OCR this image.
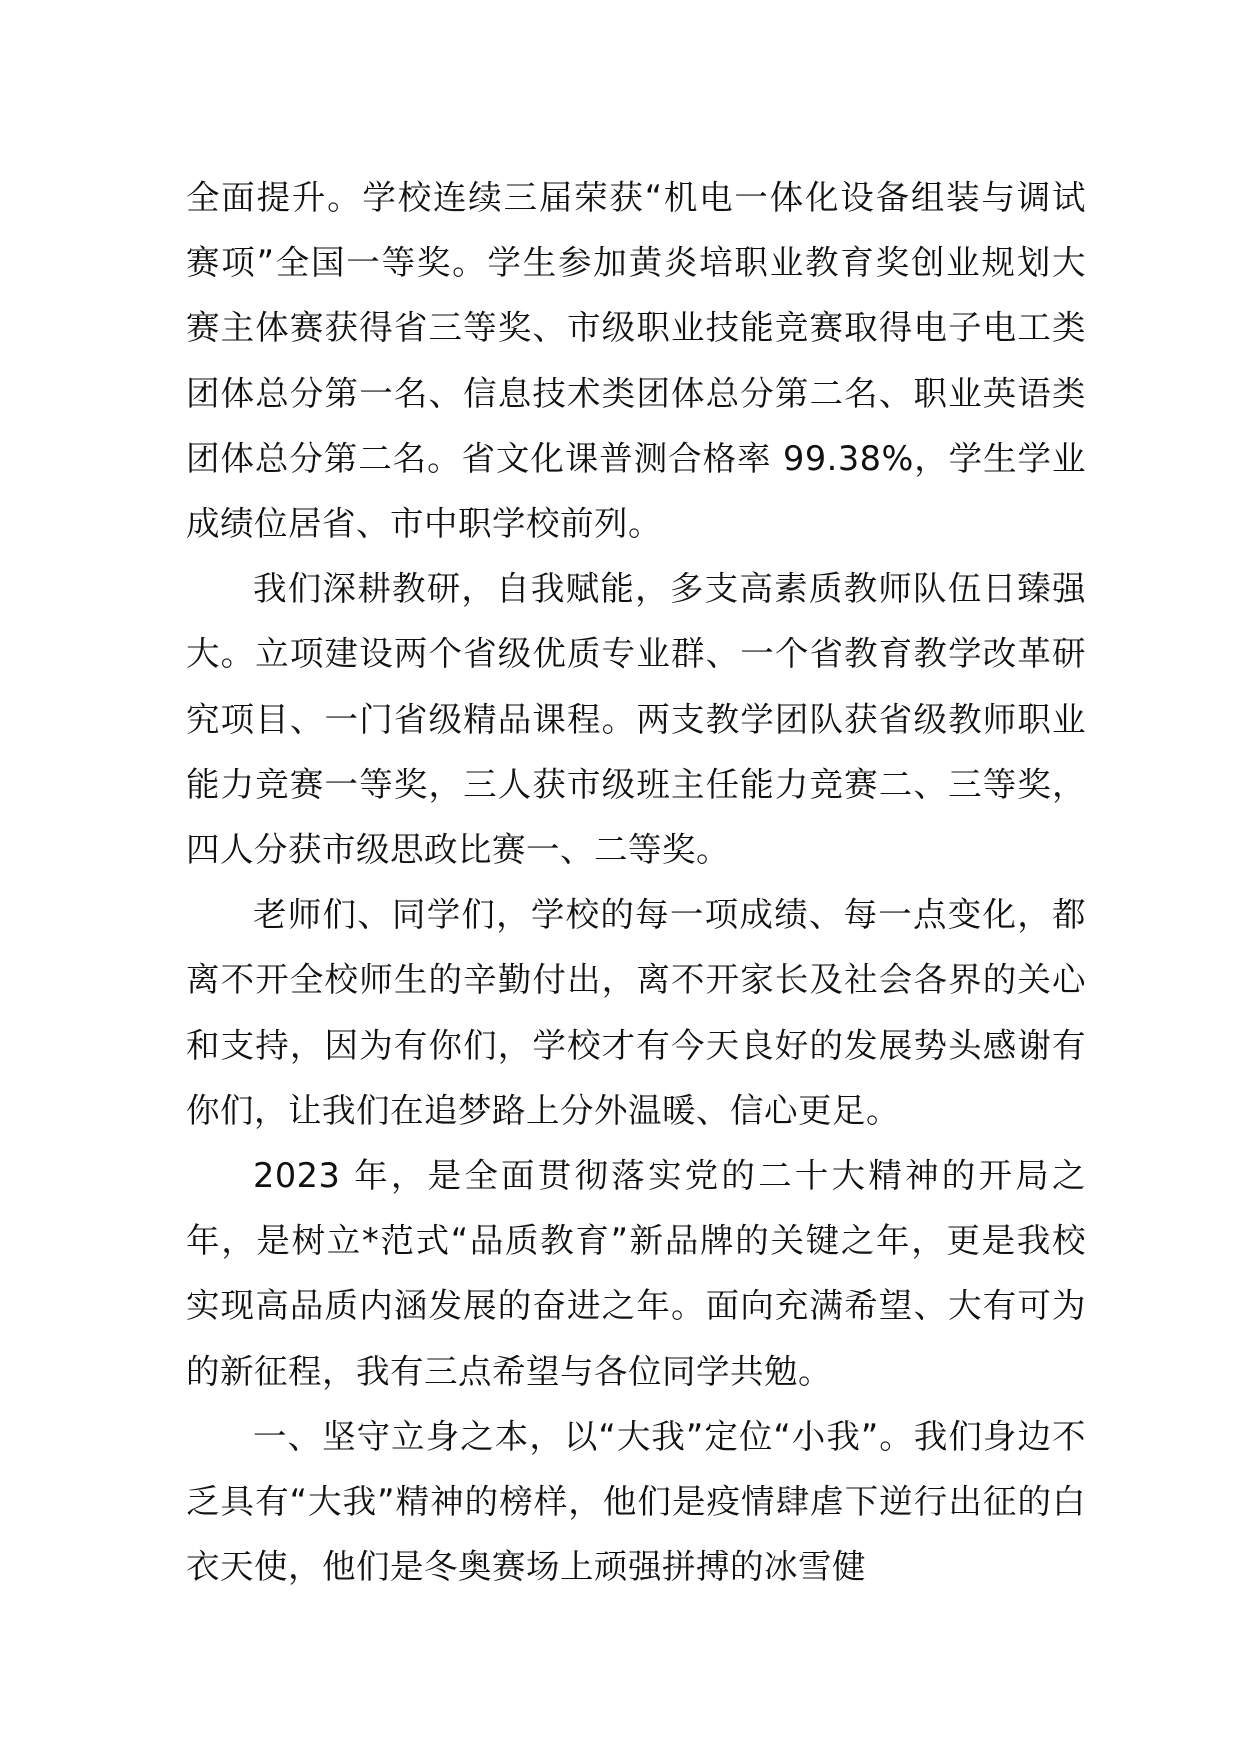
全面提升。学校连续三届荣获“机电一体化设备组装与调试赛项”全国一等奖。学生参加黄炎培职业教育奖创业规划大赛主体赛获得省三等奖、市级职业技能竞赛取得电子电工类团体总分第一名、信息技术类团体总分第二名、职业英语类团体总分第二名。省文化课普测合格率 99.38%，学生学业成绩位居省、市中职学校前列。

我们深耕教研，自我赋能，多支高素质教师队伍日臻强大。立项建设两个省级优质专业群、一个省教育教学改革研究项目、一门省级精品课程。两支教学团队获省级教师职业能力竞赛一等奖，三人获市级班主任能力竞赛二、三等奖，四人分获市级思政比赛一、二等奖。

老师们、同学们，学校的每一项成绩、每一点变化，都离不开全校师生的辛勤付出，离不开家长及社会各界的关心和支持，因为有你们，学校才有今天良好的发展势头感谢有你们，让我们在追梦路上分外温暖、信心更足。

2023 年，是全面贯彻落实党的二十大精神的开局之年，是树立*范式“品质教育”新品牌的关键之年，更是我校实现高品质内涵发展的奋进之年。面向充满希望、大有可为的新征程，我有三点希望与各位同学共勉。

一、坚守立身之本，以“大我”定位“小我”。我们身边不乏具有“大我”精神的榜样，他们是疫情肆虐下逆行出征的白衣天使，他们是冬奥赛场上顽强拼搏的冰雪健
